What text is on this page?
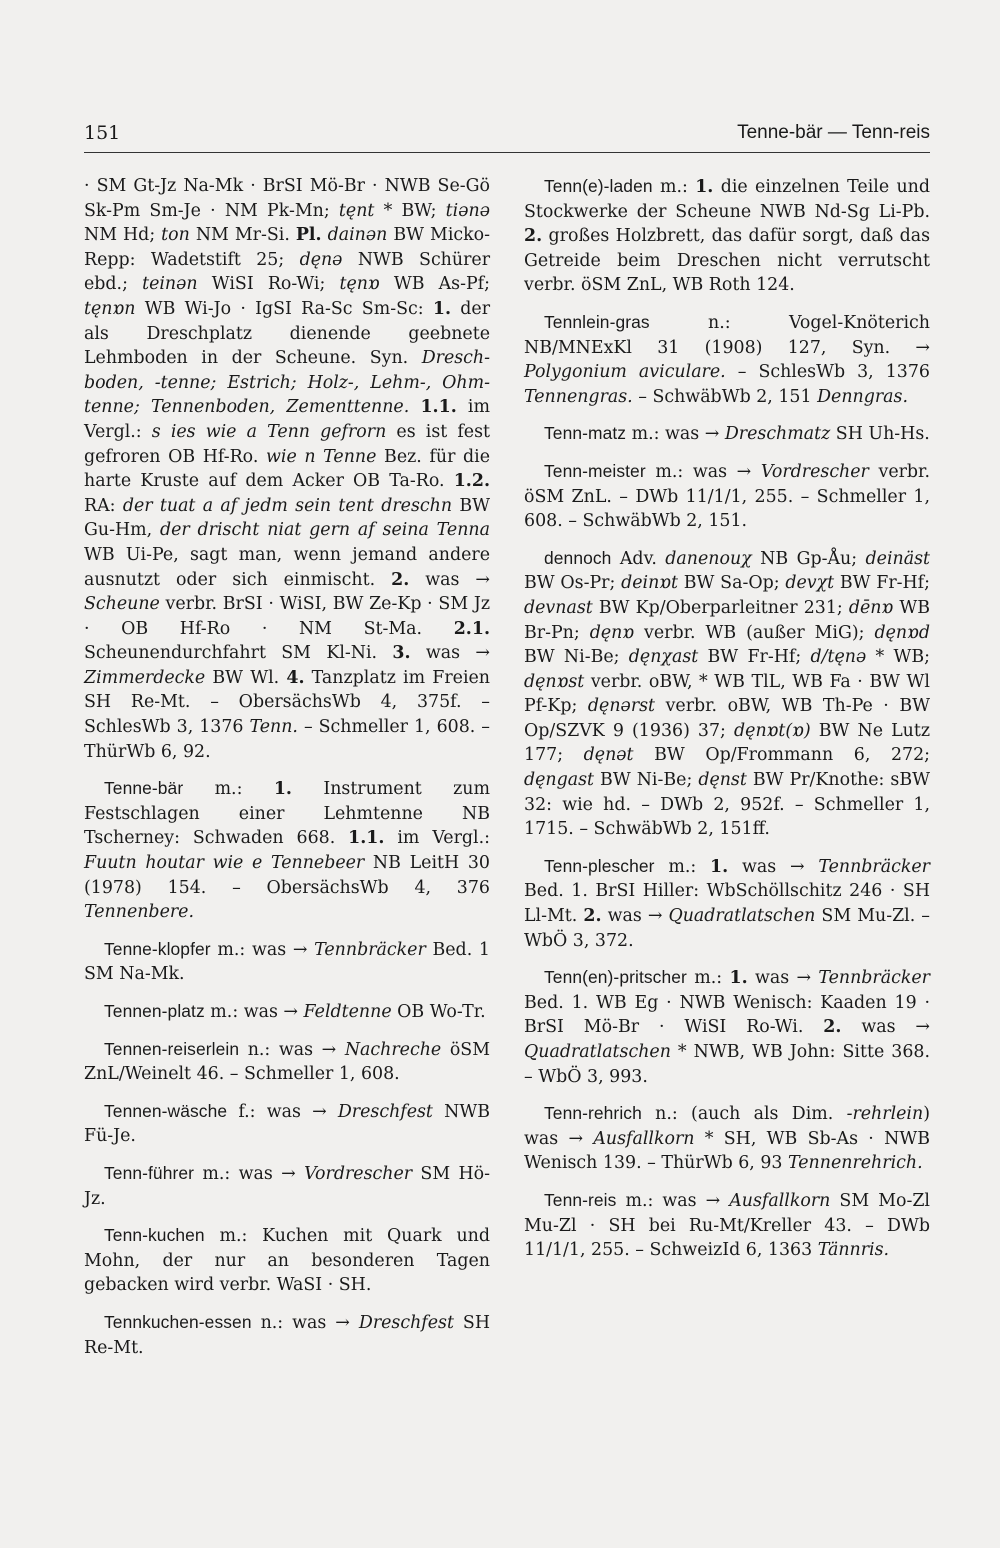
151	Tenne-bär — Tenn-reis

· SM Gt-Jz Na-Mk · BrSI Mö-Br · NWB Se-Gö Sk-Pm Sm-Je · NM Pk-Mn; tęnt * BW; tiənə NM Hd; ton NM Mr-Si. Pl. dainən BW Micko-Repp: Wadetstift 25; dęnə NWB Schürer ebd.; teinən WiSI Ro-Wi; tęnɒ WB As-Pf; tęnɒn WB Wi-Jo · IgSI Ra-Sc Sm-Sc: 1. der als Dreschplatz dienende geebnete Lehmboden in der Scheune. Syn. Dresch-boden, -tenne; Estrich; Holz-, Lehm-, Ohm-tenne; Tennenboden, Zementtenne. 1.1. im Vergl.: s ies wie a Tenn gefrorn es ist fest gefroren OB Hf-Ro. wie n Tenne Bez. für die harte Kruste auf dem Acker OB Ta-Ro. 1.2. RA: der tuat a af jedm sein tent dreschn BW Gu-Hm, der drischt niat gern af seina Tenna WB Ui-Pe, sagt man, wenn jemand andere ausnutzt oder sich einmischt. 2. was → Scheune verbr. BrSI · WiSI, BW Ze-Kp · SM Jz · OB Hf-Ro · NM St-Ma. 2.1. Scheunendurchfahrt SM Kl-Ni. 3. was → Zimmerdecke BW Wl. 4. Tanzplatz im Freien SH Re-Mt. – ObersächsWb 4, 375f. – SchlesWb 3, 1376 Tenn. – Schmeller 1, 608. – ThürWb 6, 92.

Tenne-bär m.: 1. Instrument zum Festschlagen einer Lehmtenne NB Tscherney: Schwaden 668. 1.1. im Vergl.: Fuutn houtar wie e Tennebeer NB LeitH 30 (1978) 154. – ObersächsWb 4, 376 Tennenbere.

Tenne-klopfer m.: was → Tennbräcker Bed. 1 SM Na-Mk.

Tennen-platz m.: was → Feldtenne OB Wo-Tr.

Tennen-reiserlein n.: was → Nachreche öSM ZnL/Weinelt 46. – Schmeller 1, 608.

Tennen-wäsche f.: was → Dreschfest NWB Fü-Je.

Tenn-führer m.: was → Vordrescher SM Hö-Jz.

Tenn-kuchen m.: Kuchen mit Quark und Mohn, der nur an besonderen Tagen gebacken wird verbr. WaSI · SH.

Tennkuchen-essen n.: was → Dreschfest SH Re-Mt.

Tenn(e)-laden m.: 1. die einzelnen Teile und Stockwerke der Scheune NWB Nd-Sg Li-Pb. 2. großes Holzbrett, das dafür sorgt, daß das Getreide beim Dreschen nicht verrutscht verbr. öSM ZnL, WB Roth 124.

Tennlein-gras n.: Vogel-Knöterich NB/MNExKl 31 (1908) 127, Syn. → Polygonium aviculare. – SchlesWb 3, 1376 Tennengras. – SchwäbWb 2, 151 Denngras.

Tenn-matz m.: was → Dreschmatz SH Uh-Hs.

Tenn-meister m.: was → Vordrescher verbr. öSM ZnL. – DWb 11/1/1, 255. – Schmeller 1, 608. – SchwäbWb 2, 151.

dennoch Adv. danenouχ NB Gp-Åu; deinäst BW Os-Pr; deinɒt BW Sa-Op; devχt BW Fr-Hf; devnast BW Kp/Oberparleitner 231; dēnɒ WB Br-Pn; dęnɒ verbr. WB (außer MiG); dęnɒd BW Ni-Be; dęnχast BW Fr-Hf; d/tęnə * WB; dęnɒst verbr. oBW, * WB TlL, WB Fa · BW Wl Pf-Kp; dęnərst verbr. oBW, WB Th-Pe · BW Op/SZVK 9 (1936) 37; dęnɒt(ɒ) BW Ne Lutz 177; dęnət BW Op/Frommann 6, 272; dęngast BW Ni-Be; dęnst BW Pr/Knothe: sBW 32: wie hd. – DWb 2, 952f. – Schmeller 1, 1715. – SchwäbWb 2, 151ff.

Tenn-plescher m.: 1. was → Tennbräcker Bed. 1. BrSI Hiller: WbSchöllschitz 246 · SH Ll-Mt. 2. was → Quadratlatschen SM Mu-Zl. – WbÖ 3, 372.

Tenn(en)-pritscher m.: 1. was → Tennbräcker Bed. 1. WB Eg · NWB Wenisch: Kaaden 19 · BrSI Mö-Br · WiSI Ro-Wi. 2. was → Quadratlatschen * NWB, WB John: Sitte 368. – WbÖ 3, 993.

Tenn-rehrich n.: (auch als Dim. -rehrlein) was → Ausfallkorn * SH, WB Sb-As · NWB Wenisch 139. – ThürWb 6, 93 Tennenrehrich.

Tenn-reis m.: was → Ausfallkorn SM Mo-Zl Mu-Zl · SH bei Ru-Mt/Kreller 43. – DWb 11/1/1, 255. – SchweizId 6, 1363 Tännris.
